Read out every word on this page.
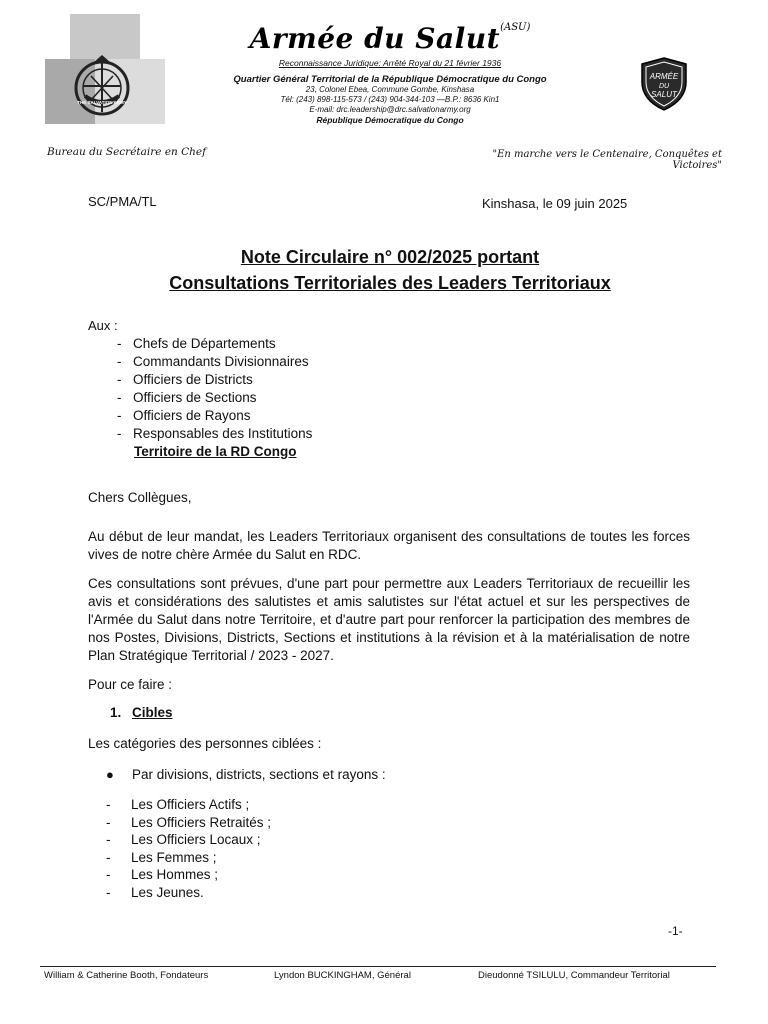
THE SALVATION ARMY
Armée du Salut$^{(ASU)}$
Reconnaissance Juridique: Arrêté Royal du 21 février 1936
Quartier Général Territorial de la République Démocratique du Congo
23, Colonel Ebea, Commune Gombe, Kinshasa
Tél: (243) 898-115-573 / (243) 904-344-103 —B.P.: 8636 Kin1
E-mail: drc.leadership@drc.salvationarmy.org
République Démocratique du Congo
ARMÉE
DU
SALUT
Bureau du Secrétaire en Chef	"En marche vers le Centenaire, Conquêtes et Victoires"
SC/PMA/TL	Kinshasa, le 09 juin 2025
Note Circulaire n° 002/2025 portant
Consultations Territoriales des Leaders Territoriaux
Aux :
- Chefs de Départements
- Commandants Divisionnaires
- Officiers de Districts
- Officiers de Sections
- Officiers de Rayons
- Responsables des Institutions
Territoire de la RD Congo
Chers Collègues,
Au début de leur mandat, les Leaders Territoriaux organisent des consultations de toutes les forces vives de notre chère Armée du Salut en RDC.
Ces consultations sont prévues, d'une part pour permettre aux Leaders Territoriaux de recueillir les avis et considérations des salutistes et amis salutistes sur l'état actuel et sur les perspectives de l'Armée du Salut dans notre Territoire, et d'autre part pour renforcer la participation des membres de nos Postes, Divisions, Districts, Sections et institutions à la révision et à la matérialisation de notre Plan Stratégique Territorial / 2023 - 2027.
Pour ce faire :
1. Cibles
Les catégories des personnes ciblées :
● Par divisions, districts, sections et rayons :
- Les Officiers Actifs ;
- Les Officiers Retraités ;
- Les Officiers Locaux ;
- Les Femmes ;
- Les Hommes ;
- Les Jeunes.
-1-
William & Catherine Booth, Fondateurs	Lyndon BUCKINGHAM, Général	Dieudonné TSILULU, Commandeur Territorial
